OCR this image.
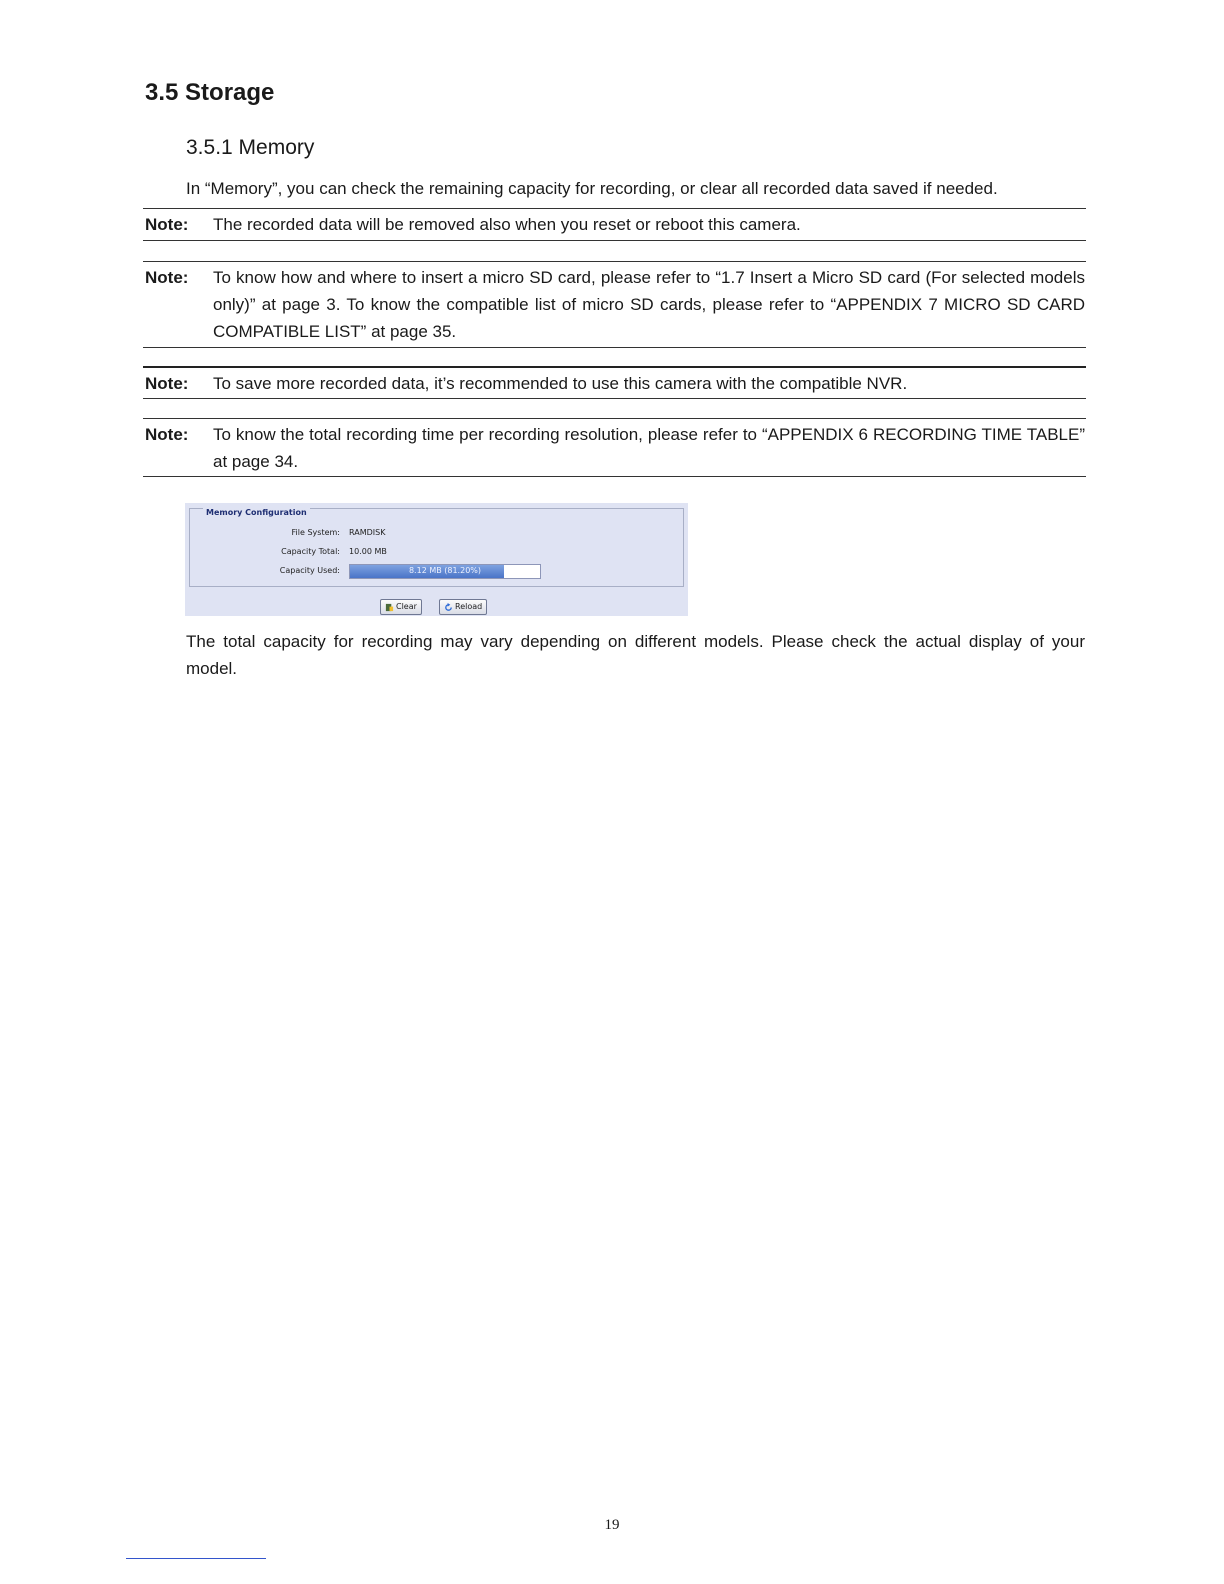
3.5 Storage
3.5.1 Memory
In “Memory”, you can check the remaining capacity for recording, or clear all recorded data saved if needed.
Note:	The recorded data will be removed also when you reset or reboot this camera.
Note:	To know how and where to insert a micro SD card, please refer to “1.7 Insert a Micro SD card (For selected models only)” at page 3. To know the compatible list of micro SD cards, please refer to “APPENDIX 7 MICRO SD CARD COMPATIBLE LIST” at page 35.
Note:	To save more recorded data, it’s recommended to use this camera with the compatible NVR.
Note:	To know the total recording time per recording resolution, please refer to “APPENDIX 6 RECORDING TIME TABLE” at page 34.
Memory Configuration
File System: RAMDISK
Capacity Total: 10.00 MB
Capacity Used:	8.12 MB (81.20%)
Clear	Reload
The total capacity for recording may vary depending on different models. Please check the actual display of your model.
19
